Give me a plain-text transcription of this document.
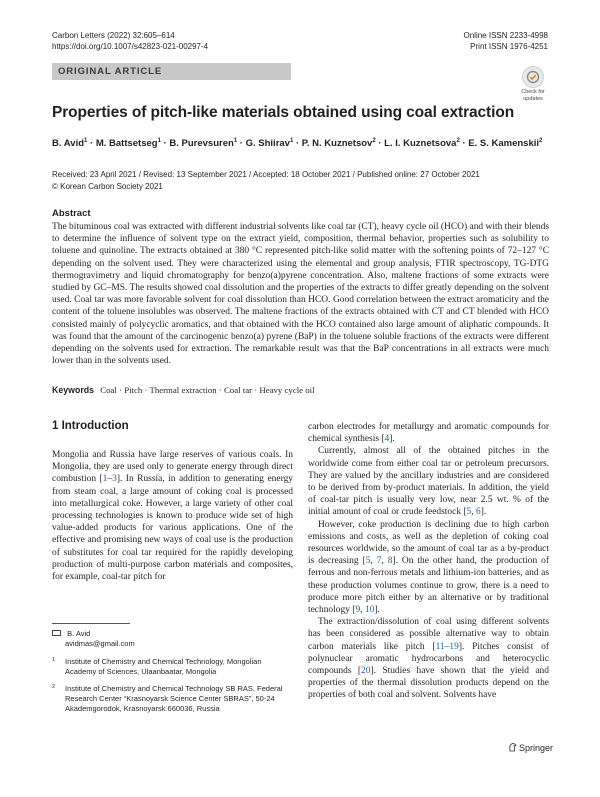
Carbon Letters (2022) 32:605–614
https://doi.org/10.1007/s42823-021-00297-4
Online ISSN 2233-4998
Print ISSN 1976-4251
ORIGINAL ARTICLE
Check for
updates
Properties of pitch-like materials obtained using coal extraction
B. Avid$^1$ · M. Battsetseg$^1$ · B. Purevsuren$^1$ · G. Shiirav$^1$ · P. N. Kuznetsov$^2$ · L. I. Kuznetsova$^2$ · E. S. Kamenskii$^2$
Received: 23 April 2021 / Revised: 13 September 2021 / Accepted: 18 October 2021 / Published online: 27 October 2021
© Korean Carbon Society 2021
Abstract
The bituminous coal was extracted with different industrial solvents like coal tar (CT), heavy cycle oil (HCO) and with their blends to determine the influence of solvent type on the extract yield, composition, thermal behavior, properties such as solubility to toluene and quinoline. The extracts obtained at 380 °C represented pitch-like solid matter with the softening points of 72–127 °C depending on the solvent used. They were characterized using the elemental and group analysis, FTIR spectroscopy, TG-DTG thermogravimetry and liquid chromatography for benzo(a)pyrene concentration. Also, maltene fractions of some extracts were studied by GC–MS. The results showed coal dissolution and the properties of the extracts to differ greatly depending on the solvent used. Coal tar was more favorable solvent for coal dissolution than HCO. Good correlation between the extract aromaticity and the content of the toluene insolubles was observed. The maltene fractions of the extracts obtained with CT and CT blended with HCO consisted mainly of polycyclic aromatics, and that obtained with the HCO contained also large amount of aliphatic compounds. It was found that the amount of the carcinogenic benzo(a) pyrene (BaP) in the toluene soluble fractions of the extracts were different depending on the solvents used for extraction. The remarkable result was that the BaP concentrations in all extracts were much lower than in the solvents used.
Keywords Coal · Pitch · Thermal extraction · Coal tar · Heavy cycle oil
1 Introduction

Mongolia and Russia have large reserves of various coals. In Mongolia, they are used only to generate energy through direct combustion [1–3]. In Russia, in addition to generating energy from steam coal, a large amount of coking coal is processed into metallurgical coke. However, a large variety of other coal processing technologies is known to produce wide set of high value-added products for various applications. One of the effective and promising new ways of coal use is the production of substitutes for coal tar required for the rapidly developing production of multi-purpose carbon materials and composites, for example, coal-tar pitch for

carbon electrodes for metallurgy and aromatic compounds for chemical synthesis [4].

Currently, almost all of the obtained pitches in the worldwide come from either coal tar or petroleum precursors. They are valued by the ancillary industries and are considered to be derived from by-product materials. In addition, the yield of coal-tar pitch is usually very low, near 2.5 wt. % of the initial amount of coal or crude feedstock [5, 6].

However, coke production is declining due to high carbon emissions and costs, as well as the depletion of coking coal resources worldwide, so the amount of coal tar as a by-product is decreasing [5, 7, 8]. On the other hand, the production of ferrous and non-ferrous metals and lithium-ion batteries, and as these production volumes continue to grow, there is a need to produce more pitch either by an alternative or by traditional technology [9, 10].

The extraction/dissolution of coal using different solvents has been considered as possible alternative way to obtain carbon materials like pitch [11–19]. Pitches consist of polynuclear aromatic hydrocarbons and heterocyclic compounds [20]. Studies have shown that the yield and properties of the thermal dissolution products depend on the properties of both coal and solvent. Solvents have

B. Avid
avidmas@gmail.com
1 Institute of Chemistry and Chemical Technology, Mongolian Academy of Sciences, Ulaanbaatar, Mongolia
2 Institute of Chemistry and Chemical Technology SB RAS, Federal Research Center “Krasnoyarsk Science Center SBRAS”, 50-24 Akademgorodok, Krasnoyarsk 660036, Russia
Springer
